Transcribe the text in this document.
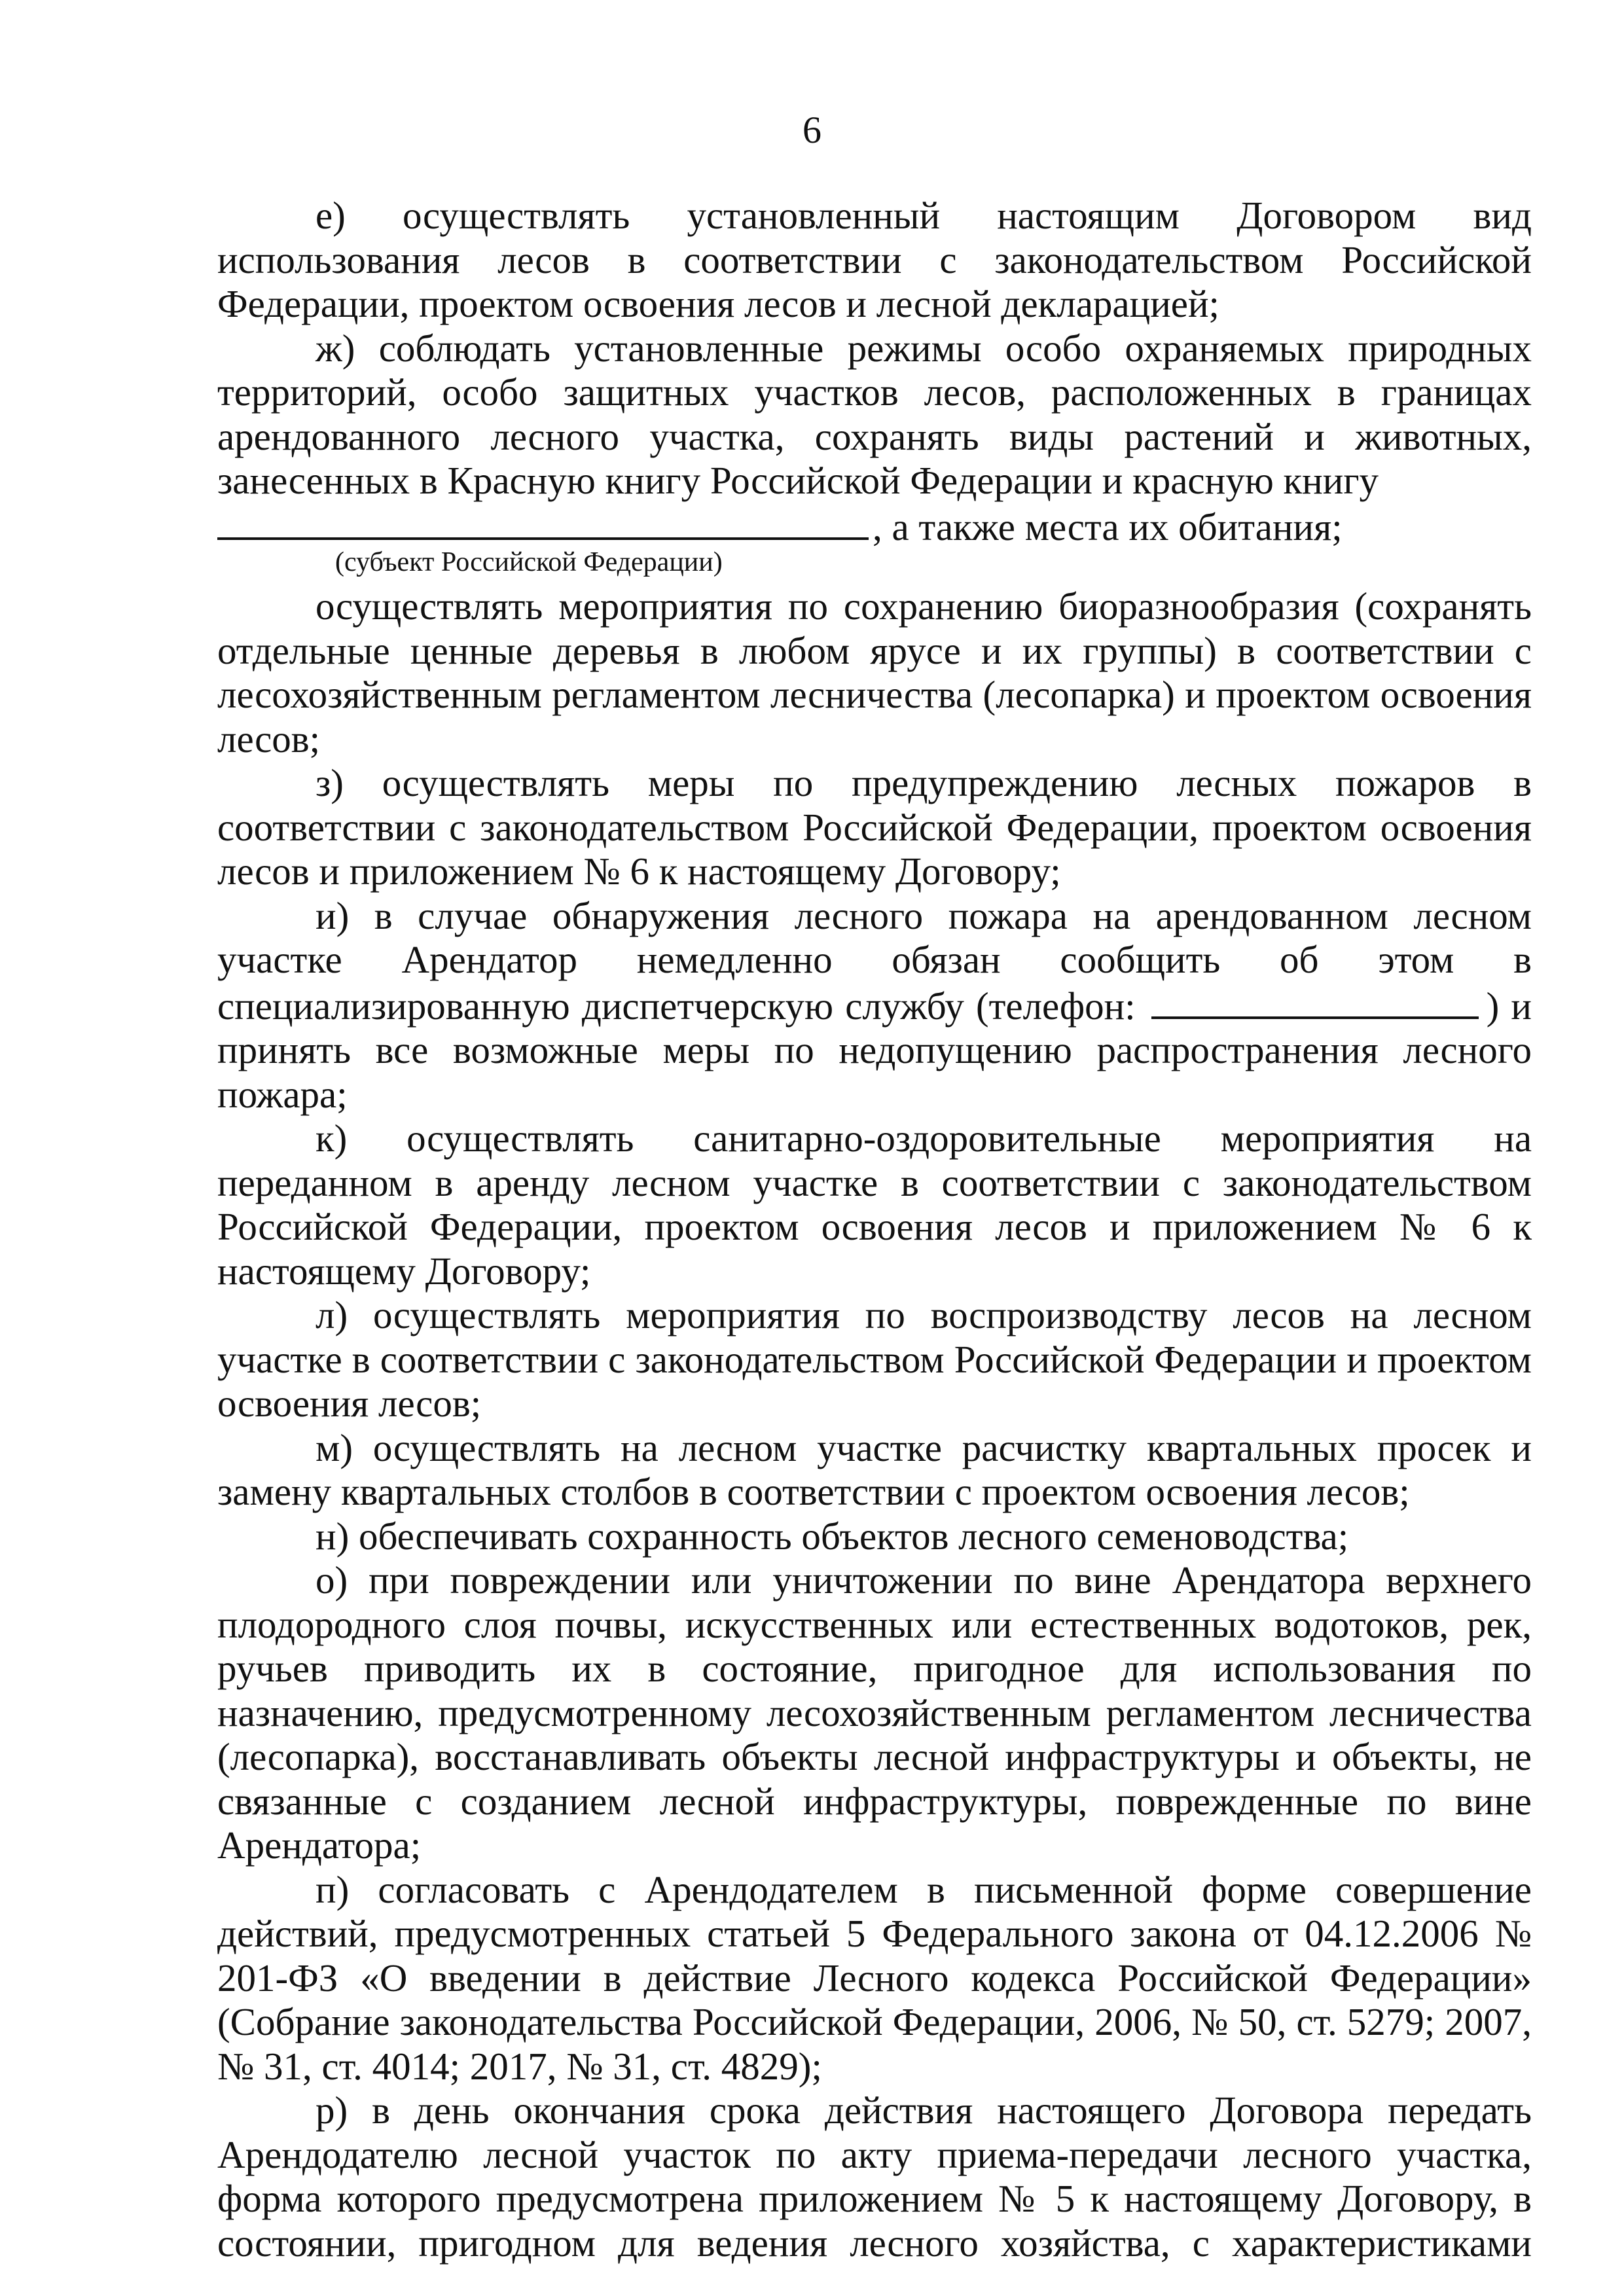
6

е) осуществлять установленный настоящим Договором вид использования лесов в соответствии с законодательством Российской Федерации, проектом освоения лесов и лесной декларацией;

ж) соблюдать установленные режимы особо охраняемых природных территорий, особо защитных участков лесов, расположенных в границах арендованного лесного участка, сохранять виды растений и животных, занесенных в Красную книгу Российской Федерации и красную книгу

, а также места их обитания;
(субъект Российской Федерации)

осуществлять мероприятия по сохранению биоразнообразия (сохранять отдельные ценные деревья в любом ярусе и их группы) в соответствии с лесохозяйственным регламентом лесничества (лесопарка) и проектом освоения лесов;

з) осуществлять меры по предупреждению лесных пожаров в соответствии с законодательством Российской Федерации, проектом освоения лесов и приложением № 6 к настоящему Договору;

и) в случае обнаружения лесного пожара на арендованном лесном участке Арендатор немедленно обязан сообщить об этом в специализированную диспетчерскую службу (телефон:	) и принять все возможные меры по недопущению распространения лесного пожара;

к) осуществлять санитарно-оздоровительные мероприятия на переданном в аренду лесном участке в соответствии с законодательством Российской Федерации, проектом освоения лесов и приложением № 6 к настоящему Договору;

л) осуществлять мероприятия по воспроизводству лесов на лесном участке в соответствии с законодательством Российской Федерации и проектом освоения лесов;

м) осуществлять на лесном участке расчистку квартальных просек и замену квартальных столбов в соответствии с проектом освоения лесов;

н) обеспечивать сохранность объектов лесного семеноводства;

о) при повреждении или уничтожении по вине Арендатора верхнего плодородного слоя почвы, искусственных или естественных водотоков, рек, ручьев приводить их в состояние, пригодное для использования по назначению, предусмотренному лесохозяйственным регламентом лесничества (лесопарка), восстанавливать объекты лесной инфраструктуры и объекты, не связанные с созданием лесной инфраструктуры, поврежденные по вине Арендатора;

п) согласовать с Арендодателем в письменной форме совершение действий, предусмотренных статьей 5 Федерального закона от 04.12.2006 № 201-ФЗ «О введении в действие Лесного кодекса Российской Федерации» (Собрание законодательства Российской Федерации, 2006, № 50, ст. 5279; 2007, № 31, ст. 4014; 2017, № 31, ст. 4829);

р) в день окончания срока действия настоящего Договора передать Арендодателю лесной участок по акту приема-передачи лесного участка, форма которого предусмотрена приложением № 5 к настоящему Договору, в состоянии, пригодном для ведения лесного хозяйства, с характеристиками
